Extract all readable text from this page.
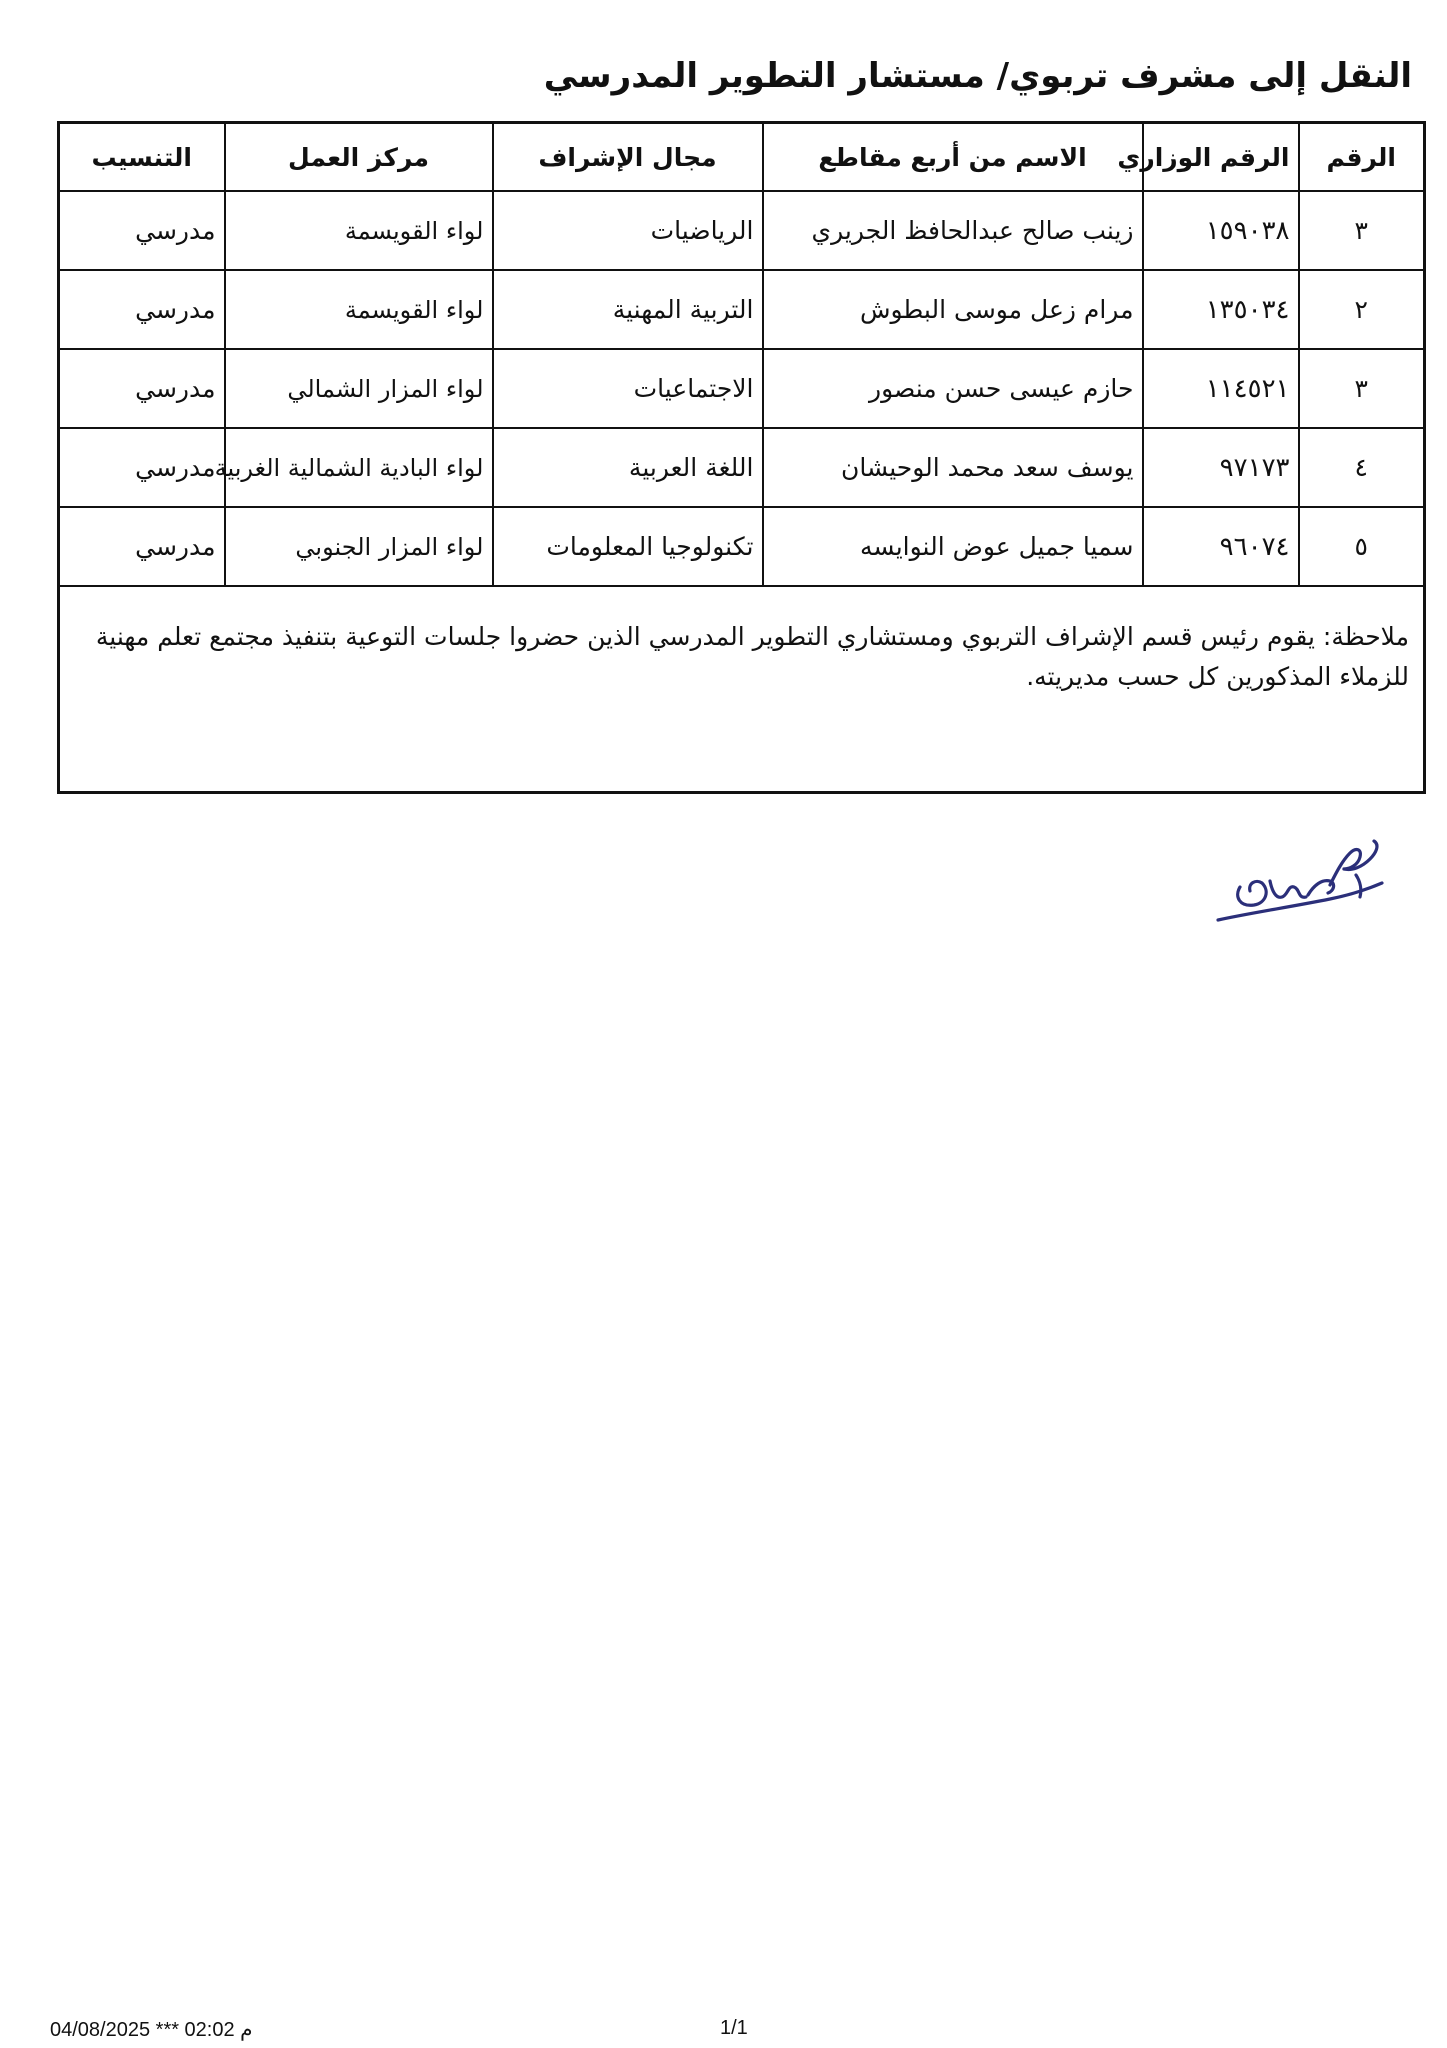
النقل إلى مشرف تربوي/ مستشار التطوير المدرسي
الرقم	الرقم الوزاري	الاسم من أربع مقاطع	مجال الإشراف	مركز العمل	التنسيب
٣	١٥٩٠٣٨	زينب صالح عبدالحافظ الجريري	الرياضيات	لواء القويسمة	مدرسي
٢	١٣٥٠٣٤	مرام زعل موسى البطوش	التربية المهنية	لواء القويسمة	مدرسي
٣	١١٤٥٢١	حازم عيسى حسن منصور	الاجتماعيات	لواء المزار الشمالي	مدرسي
٤	٩٧١٧٣	يوسف سعد محمد الوحيشان	اللغة العربية	لواء البادية الشمالية الغربية	مدرسي
٥	٩٦٠٧٤	سميا جميل عوض النوايسه	تكنولوجيا المعلومات	لواء المزار الجنوبي	مدرسي
ملاحظة: يقوم رئيس قسم الإشراف التربوي ومستشاري التطوير المدرسي الذين حضروا جلسات التوعية بتنفيذ مجتمع تعلم مهنية للزملاء المذكورين كل حسب مديريته.					
04/08/2025 *** 02:02 م	1/1
